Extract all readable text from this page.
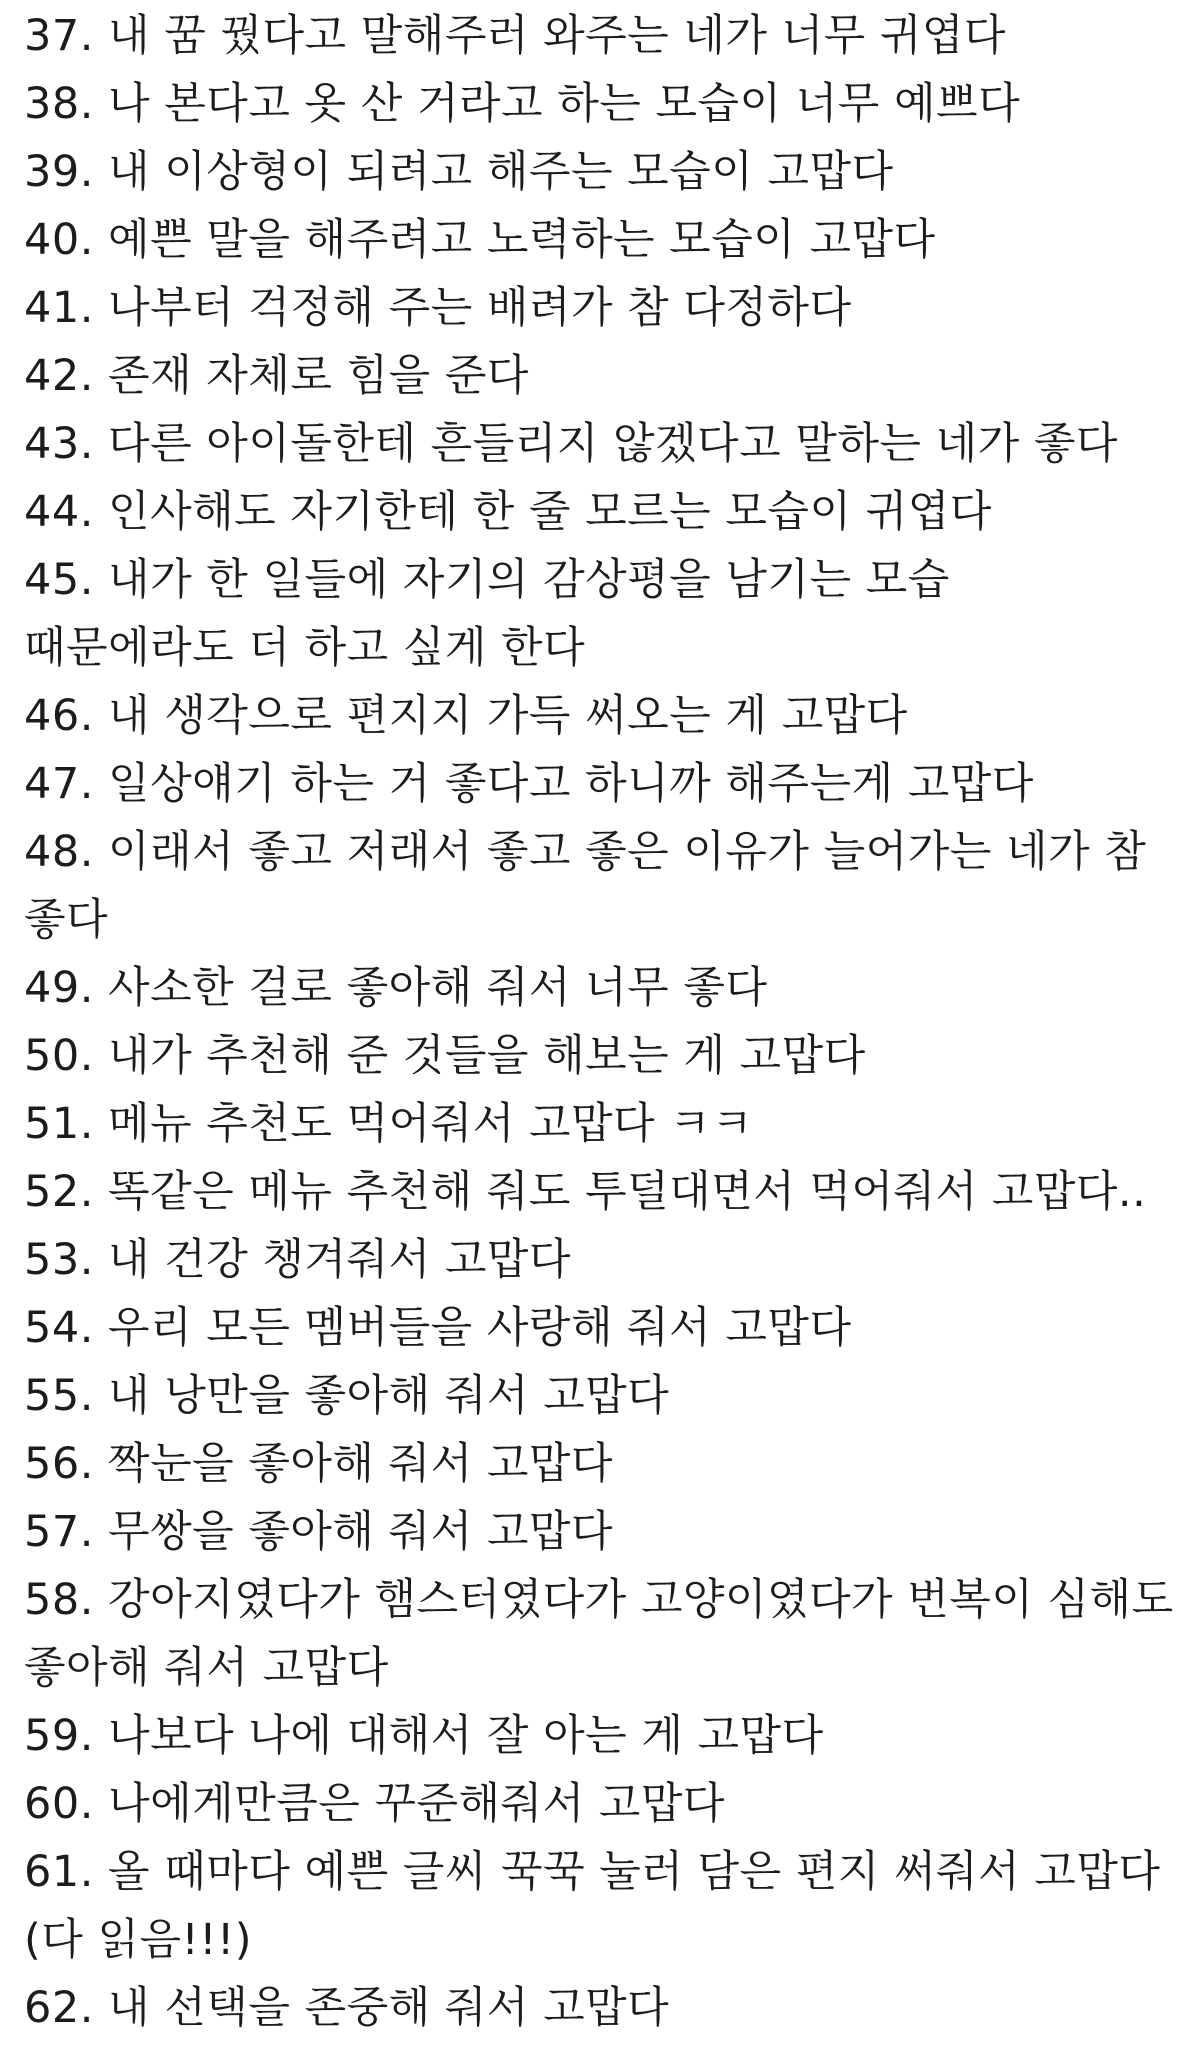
37. 내 꿈 꿨다고 말해주러 와주는 네가 너무 귀엽다
38. 나 본다고 옷 산 거라고 하는 모습이 너무 예쁘다
39. 내 이상형이 되려고 해주는 모습이 고맙다
40. 예쁜 말을 해주려고 노력하는 모습이 고맙다
41. 나부터 걱정해 주는 배려가 참 다정하다
42. 존재 자체로 힘을 준다
43. 다른 아이돌한테 흔들리지 않겠다고 말하는 네가 좋다
44. 인사해도 자기한테 한 줄 모르는 모습이 귀엽다
45. 내가 한 일들에 자기의 감상평을 남기는 모습 때문에라도 더 하고 싶게 한다
46. 내 생각으로 편지지 가득 써오는 게 고맙다
47. 일상얘기 하는 거 좋다고 하니까 해주는게 고맙다
48. 이래서 좋고 저래서 좋고 좋은 이유가 늘어가는 네가 참 좋다
49. 사소한 걸로 좋아해 줘서 너무 좋다
50. 내가 추천해 준 것들을 해보는 게 고맙다
51. 메뉴 추천도 먹어줘서 고맙다 ㅋㅋ
52. 똑같은 메뉴 추천해 줘도 투덜대면서 먹어줘서 고맙다..
53. 내 건강 챙겨줘서 고맙다
54. 우리 모든 멤버들을 사랑해 줘서 고맙다
55. 내 낭만을 좋아해 줘서 고맙다
56. 짝눈을 좋아해 줘서 고맙다
57. 무쌍을 좋아해 줘서 고맙다
58. 강아지였다가 햄스터였다가 고양이였다가 번복이 심해도 좋아해 줘서 고맙다
59. 나보다 나에 대해서 잘 아는 게 고맙다
60. 나에게만큼은 꾸준해줘서 고맙다
61. 올 때마다 예쁜 글씨 꾹꾹 눌러 담은 편지 써줘서 고맙다 (다 읽음!!!)
62. 내 선택을 존중해 줘서 고맙다
